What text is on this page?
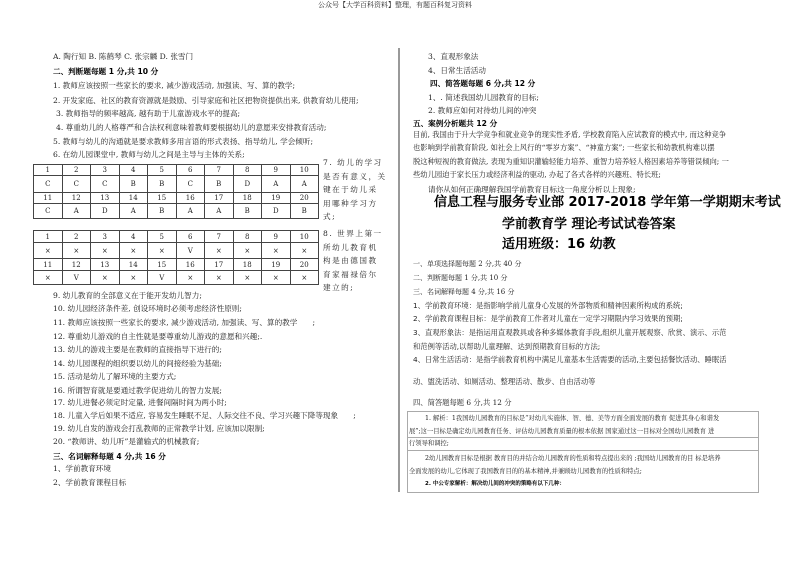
公众号【大学百科资料】整理，有题百科复习资料
A. 陶行知 B. 陈鹤琴 C. 张宗麟 D. 张雪门
二、判断题每题 1 分,共 10 分
1. 教师应该按照一些家长的要求, 减少游戏活动, 加强读、写、算的教学;
2. 开发家庭、社区的教育资源就是鼓励、引导家庭和社区把物资提供出来, 供教育幼儿使用;
3. 教师指导的频率越高, 越有助于儿童游戏水平的提高;
4. 尊重幼儿的人格尊严和合法权利意味着教师要根据幼儿的意愿来安排教育活动;
5. 教师与幼儿的沟通就是要求教师多用言语的形式表扬、指导幼儿, 学会倾听;
6. 在幼儿园课堂中, 教师与幼儿之间是主导与主体的关系;
1	2	3	4	5	6	7	8	9	10
C	C	C	B	B	C	B	D	A	A
11	12	13	14	15	16	17	18	19	20
C	A	D	A	B	A	A	B	D	B
1	2	3	4	5	6	7	8	9	10
×	×	×	×	×	V	×	×	×	×
11	12	13	14	15	16	17	18	19	20
×	V	×	×	V	×	×	×	×	×
7. 幼儿的学习
是否有意义，关
键在于幼儿采
用哪种学习方
式;
8. 世界上第一
所幼儿教育机
构是由德国教
育家福禄倍尔
建立的;
9. 幼儿教育的全部意义在于能开发幼儿智力;
10. 幼儿园经济条件差, 创设环境时必须考虑经济性原则;
11. 教师应该按照一些家长的要求, 减少游戏活动, 加强读、写、算的教学　　;
12. 尊重幼儿游戏的自主性就是要尊重幼儿游戏的意愿和兴趣;.
13. 幼儿的游戏主要是在教师的直接指导下进行的;
14. 幼儿园课程的组织要以幼儿的间接经验为基础;
15. 活动是幼儿了解环境的主要方式;
16. 所谓智育就是要通过教学促进幼儿的智力发展;
17. 幼儿进餐必须定时定量, 进餐间隔时间为两小时;
18. 儿童入学后如果不适应, 容易发生睡眠不足、人际交往不良、学习兴趣下降等现象　　;
19. 幼儿自发的游戏会打乱教师的正常教学计划, 应该加以限制;
20. “教师讲、幼儿听”是灌输式的机械教育;
三、名词解释每题 4 分,共 16 分
1、学前教育环境
2、学前教育课程目标
3、直观形象法
4、日常生活活动
四、简答题每题 6 分,共 12 分
1、. 简述我国幼儿园教育的目标;
2. 教师应如何对待幼儿间的冲突
五、案例分析题共 12 分
目前, 我国由于升大学竞争和就业竞争的现实性矛盾, 学校教育陷入应试教育的模式中, 而这种竞争
也影响到学前教育阶段, 如社会上风行的“零岁方案”、“神童方案”; 一些家长和幼教机构难以摆
脱这种短视的教育做法, 表现为重知识灌输轻能力培养、重智力培养轻人格因素培养等错误倾向; 一
些幼儿园迫于家长压力或经济利益的驱动, 办起了各式各样的兴趣班、特长班;
请你从如何正确理解我国学前教育目标这一角度分析以上现象;
信息工程与服务专业部 2017-2018 学年第一学期期末考试
学前教育学 理论考试试卷答案
适用班级：16 幼教
一、单项选择题每题 2 分,共 40 分
二、判断题每题 1 分,共 10 分
三、名词解释每题 4 分,共 16 分
1、学前教育环境：是指影响学前儿童身心发展的外部物质和精神因素所构成的系统;
2、学前教育课程目标：是学前教育工作者对儿童在一定学习期限内学习效果的预期;
3、直观形象法：是指运用直观教具或各种多媒体教育手段,组织儿童开展观察、欣赏、演示、示范
和范例等活动,以帮助儿童理解、达到预期教育目标的方法;
4、日常生活活动：是指学前教育机构中满足儿童基本生活需要的活动,主要包括餐饮活动、睡眠活
动、盥洗活动、如厕活动、整理活动、散步、自由活动等
四、简答题每题 6 分,共 12 分
1. 解析：1我国幼儿园教育的目标是“对幼儿实施体、智、德、美等方面全面发展的教育 促进其身心和谐发
展”;这一目标是确定幼儿园教育任务、评估幼儿园教育质量的根本依据 国家通过这一目标对全国幼儿园教育 进
行领导和调控;
2幼儿园教育目标是根据 教育目的并结合幼儿园教育的性质和特点提出来的 ;我国幼儿园教育的目 标是培养
全面发展的幼儿,它体现了我国教育目的的基本精神,并兼顾幼儿园教育的性质和特点;
2. 中公专家解析：解决幼儿间的冲突的策略有以下几种：
